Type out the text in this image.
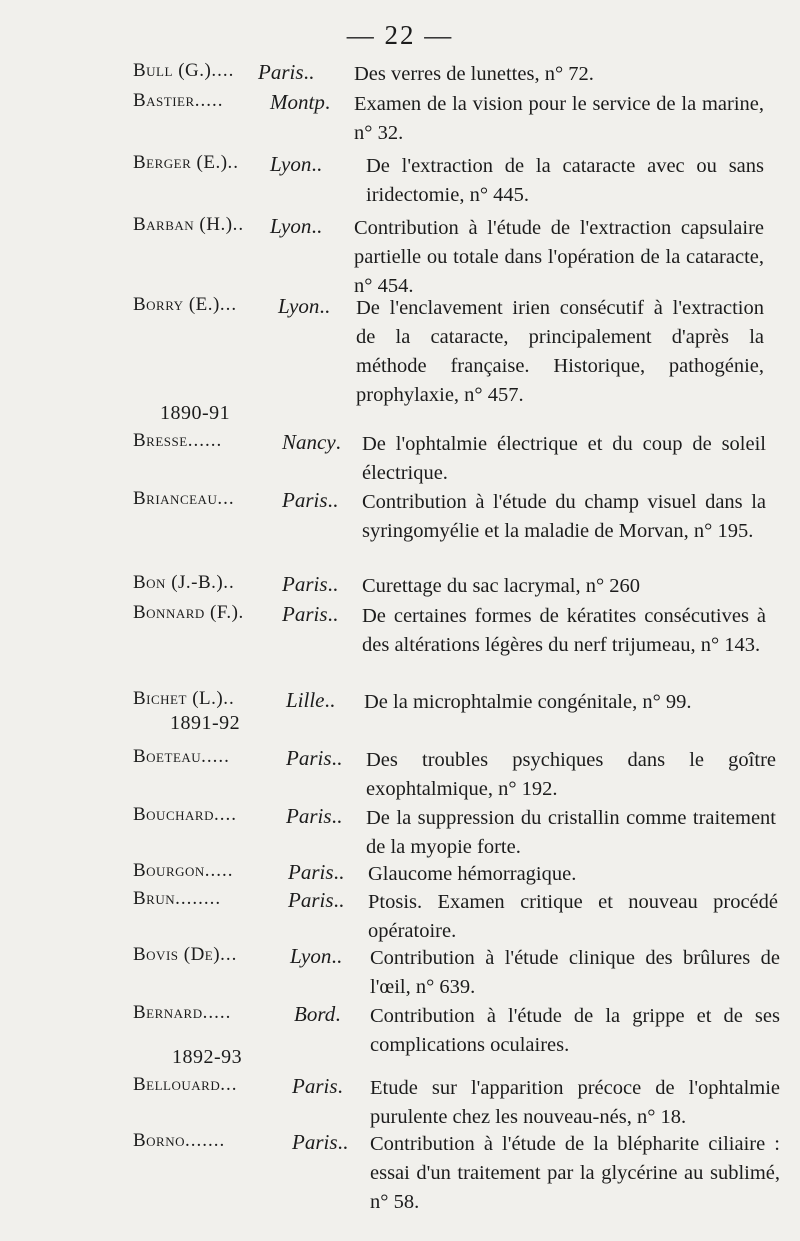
— 22 —
Bull (G.).... Paris.. Des verres de lunettes, n° 72.
Bastier..... Montp. Examen de la vision pour le service de la marine, n° 32.
Berger (E.).. Lyon.. De l'extraction de la cataracte avec ou sans iridectomie, n° 445.
Barban (H.).. Lyon.. Contribution à l'étude de l'extraction capsulaire partielle ou totale dans l'opération de la cataracte, n° 454.
Borry (E.)... Lyon.. De l'enclavement irien consécutif à l'extraction de la cataracte, principalement d'après la méthode française. Historique, pathogénie, prophylaxie, n° 457.
1890-91
Bresse......	Nancy. De l'ophtalmie électrique et du coup de soleil électrique.
Brianceau... Paris.. Contribution à l'étude du champ visuel dans la syringomyélie et la maladie de Morvan, n° 195.
Bon (J.-B.).. Paris.. Curettage du sac lacrymal, n° 260
Bonnard (F.). Paris.. De certaines formes de kératites consécutives à des altérations légères du nerf trijumeau, n° 143.
Bichet (L.).. Lille.. De la microphtalmie congénitale, n° 99.
1891-92
Boeteau.....	Paris.. Des troubles psychiques dans le goître exophtalmique, n° 192.
Bouchard.... Paris.. De la suppression du cristallin comme traitement de la myopie forte.
Bourgon.....	Paris.. Glaucome hémorragique.
Brun........	Paris.. Ptosis. Examen critique et nouveau procédé opératoire.
Bovis (De)...	Lyon.. Contribution à l'étude clinique des brûlures de l'œil, n° 639.
Bernard.....	Bord. Contribution à l'étude de la grippe et de ses complications oculaires.
1892-93
Bellouard...	Paris. Etude sur l'apparition précoce de l'ophtalmie purulente chez les nouveau-nés, n° 18.
Borno.......	Paris.. Contribution à l'étude de la blépharite ciliaire : essai d'un traitement par la glycérine au sublimé, n° 58.
